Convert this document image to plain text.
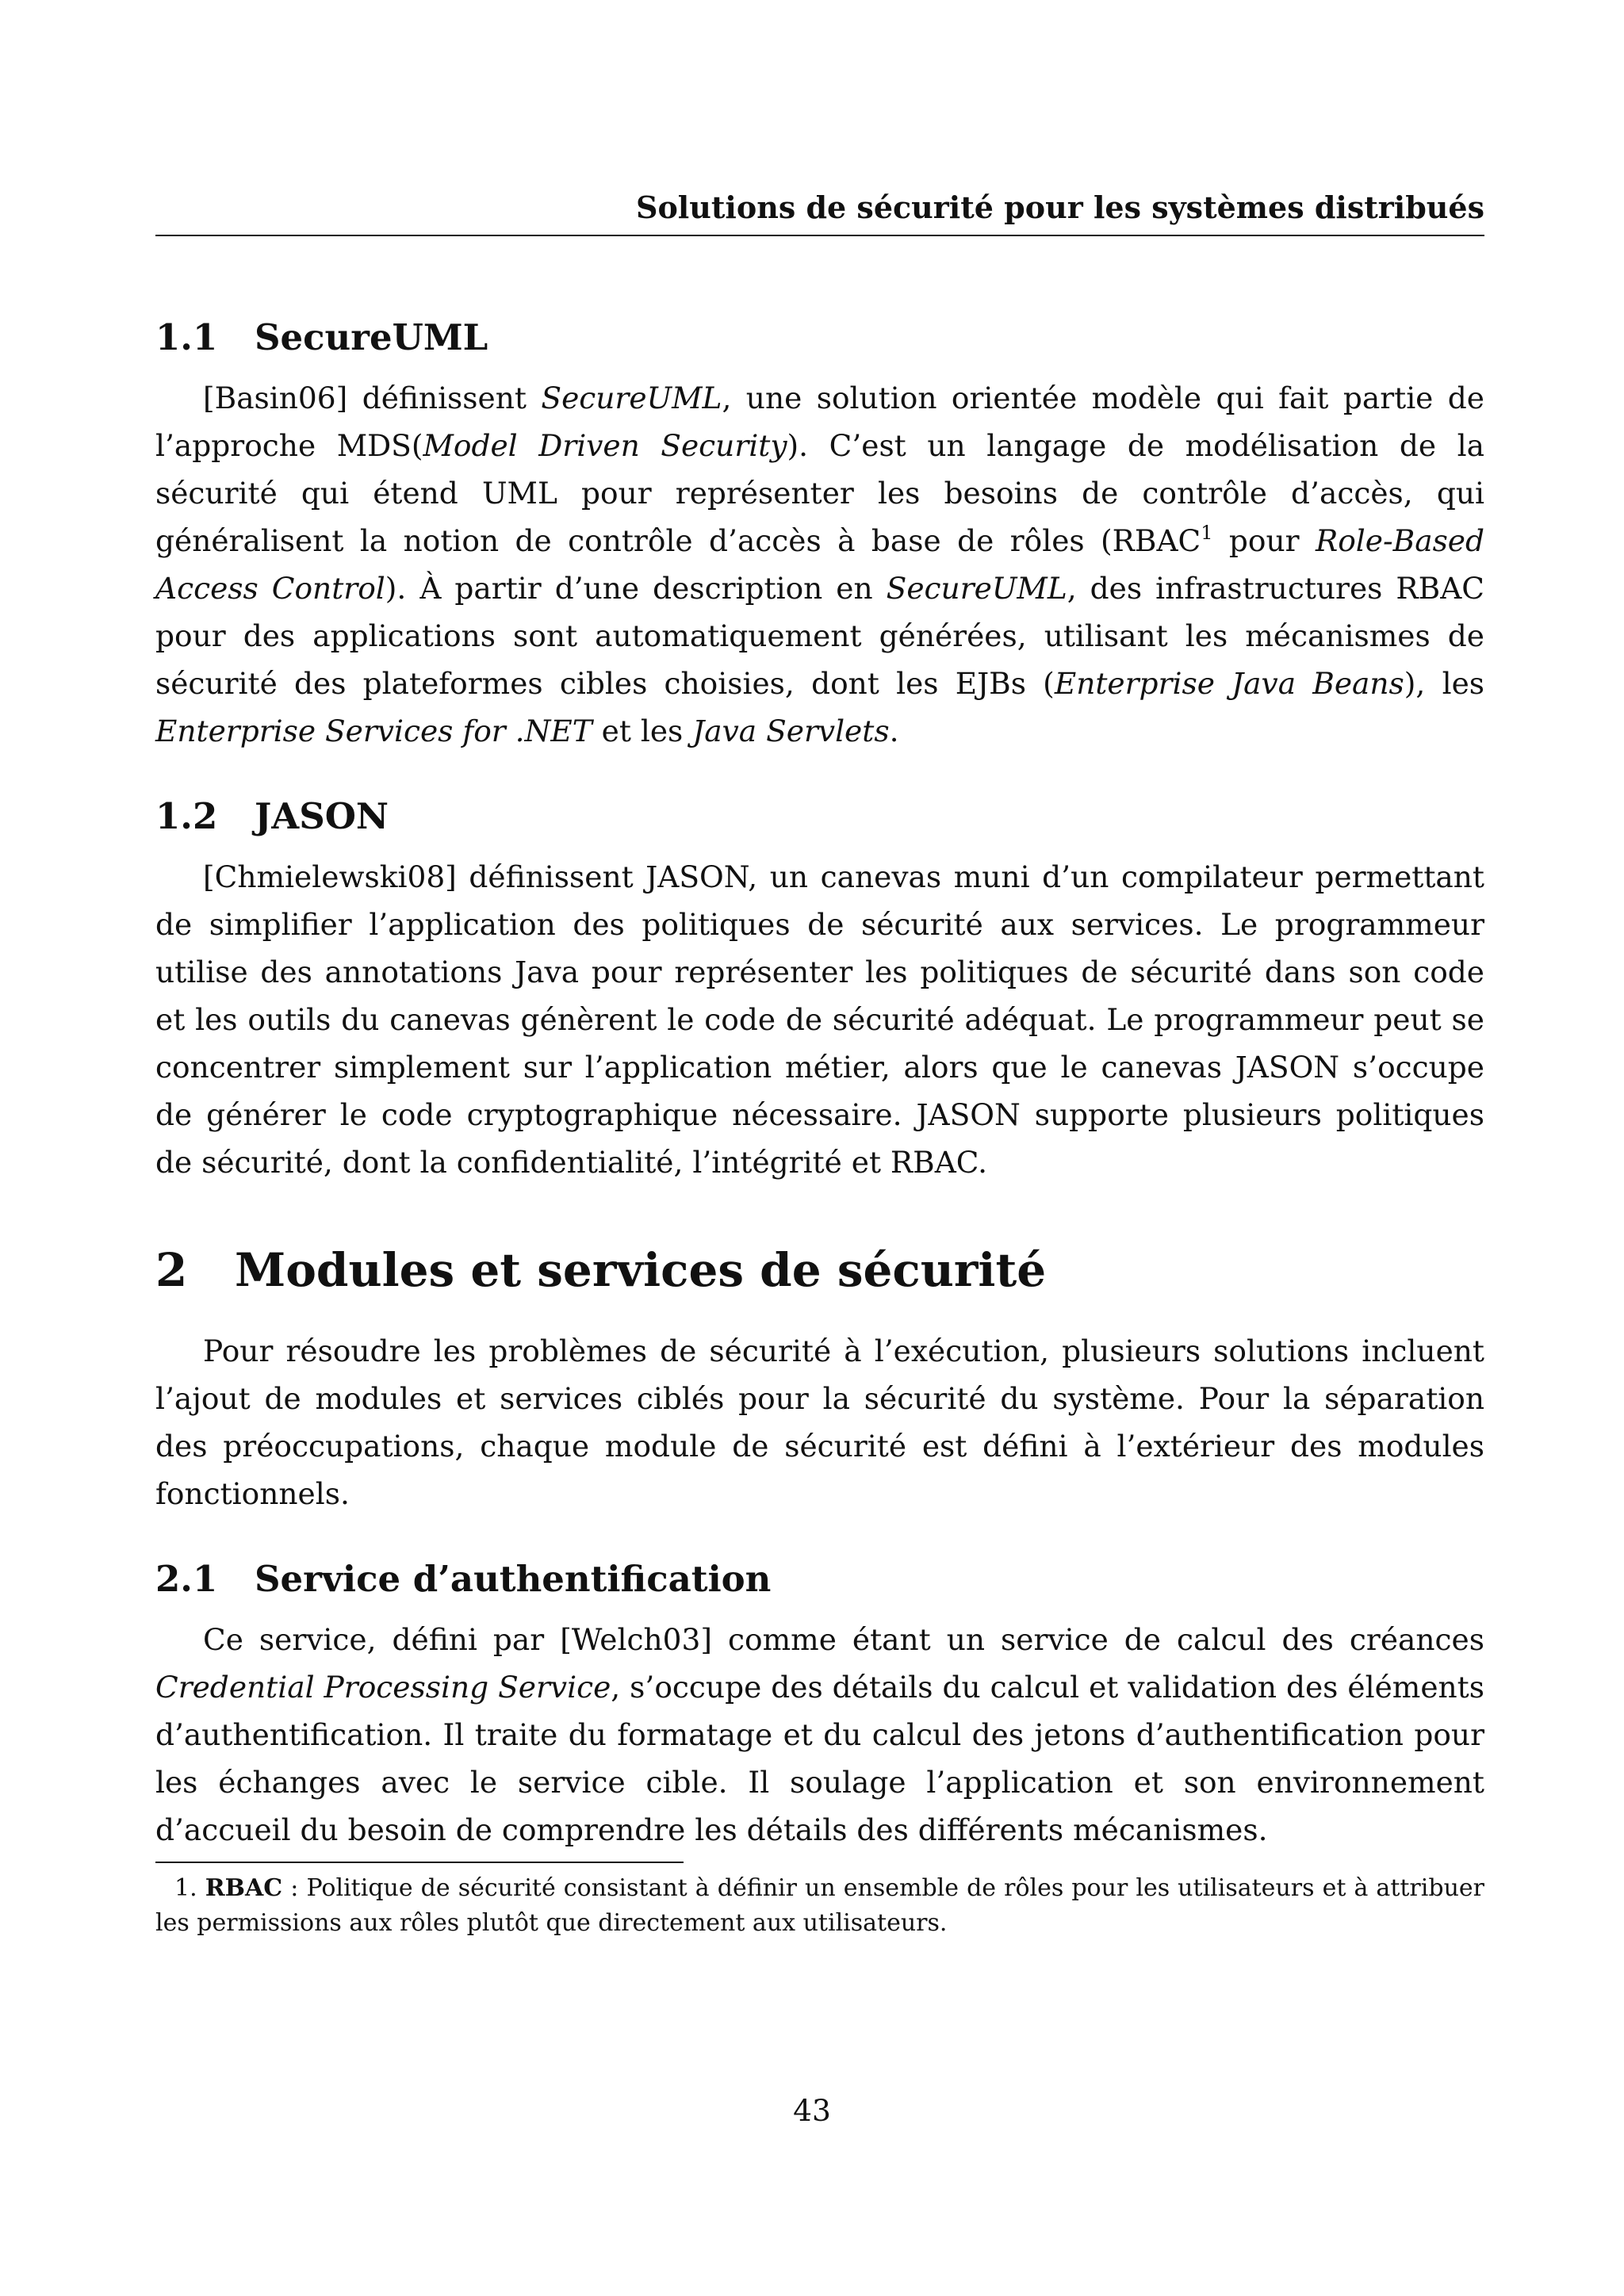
Solutions de sécurité pour les systèmes distribués
1.1 SecureUML

[Basin06] définissent SecureUML, une solution orientée modèle qui fait partie de l’approche MDS(Model Driven Security). C’est un langage de modélisation de la sécurité qui étend UML pour représenter les besoins de contrôle d’accès, qui généralisent la notion de contrôle d’accès à base de rôles (RBAC$^1$ pour Role-Based Access Control). À partir d’une description en SecureUML, des infrastructures RBAC pour des applications sont automatiquement générées, utilisant les mécanismes de sécurité des plateformes cibles choisies, dont les EJBs (Enterprise Java Beans), les Enterprise Services for .NET et les Java Servlets.

1.2 JASON

[Chmielewski08] définissent JASON, un canevas muni d’un compilateur permettant de simplifier l’application des politiques de sécurité aux services. Le programmeur utilise des annotations Java pour représenter les politiques de sécurité dans son code et les outils du canevas génèrent le code de sécurité adéquat. Le programmeur peut se concentrer simplement sur l’application métier, alors que le canevas JASON s’occupe de générer le code cryptographique nécessaire. JASON supporte plusieurs politiques de sécurité, dont la confidentialité, l’intégrité et RBAC.

2 Modules et services de sécurité

Pour résoudre les problèmes de sécurité à l’exécution, plusieurs solutions incluent l’ajout de modules et services ciblés pour la sécurité du système. Pour la séparation des préoccupations, chaque module de sécurité est défini à l’extérieur des modules fonctionnels.

2.1 Service d’authentification

Ce service, défini par [Welch03] comme étant un service de calcul des créances Credential Processing Service, s’occupe des détails du calcul et validation des éléments d’authentification. Il traite du formatage et du calcul des jetons d’authentification pour les échanges avec le service cible. Il soulage l’application et son environnement d’accueil du besoin de comprendre les détails des différents mécanismes.

1. RBAC : Politique de sécurité consistant à définir un ensemble de rôles pour les utilisateurs et à attribuer les permissions aux rôles plutôt que directement aux utilisateurs.
43
